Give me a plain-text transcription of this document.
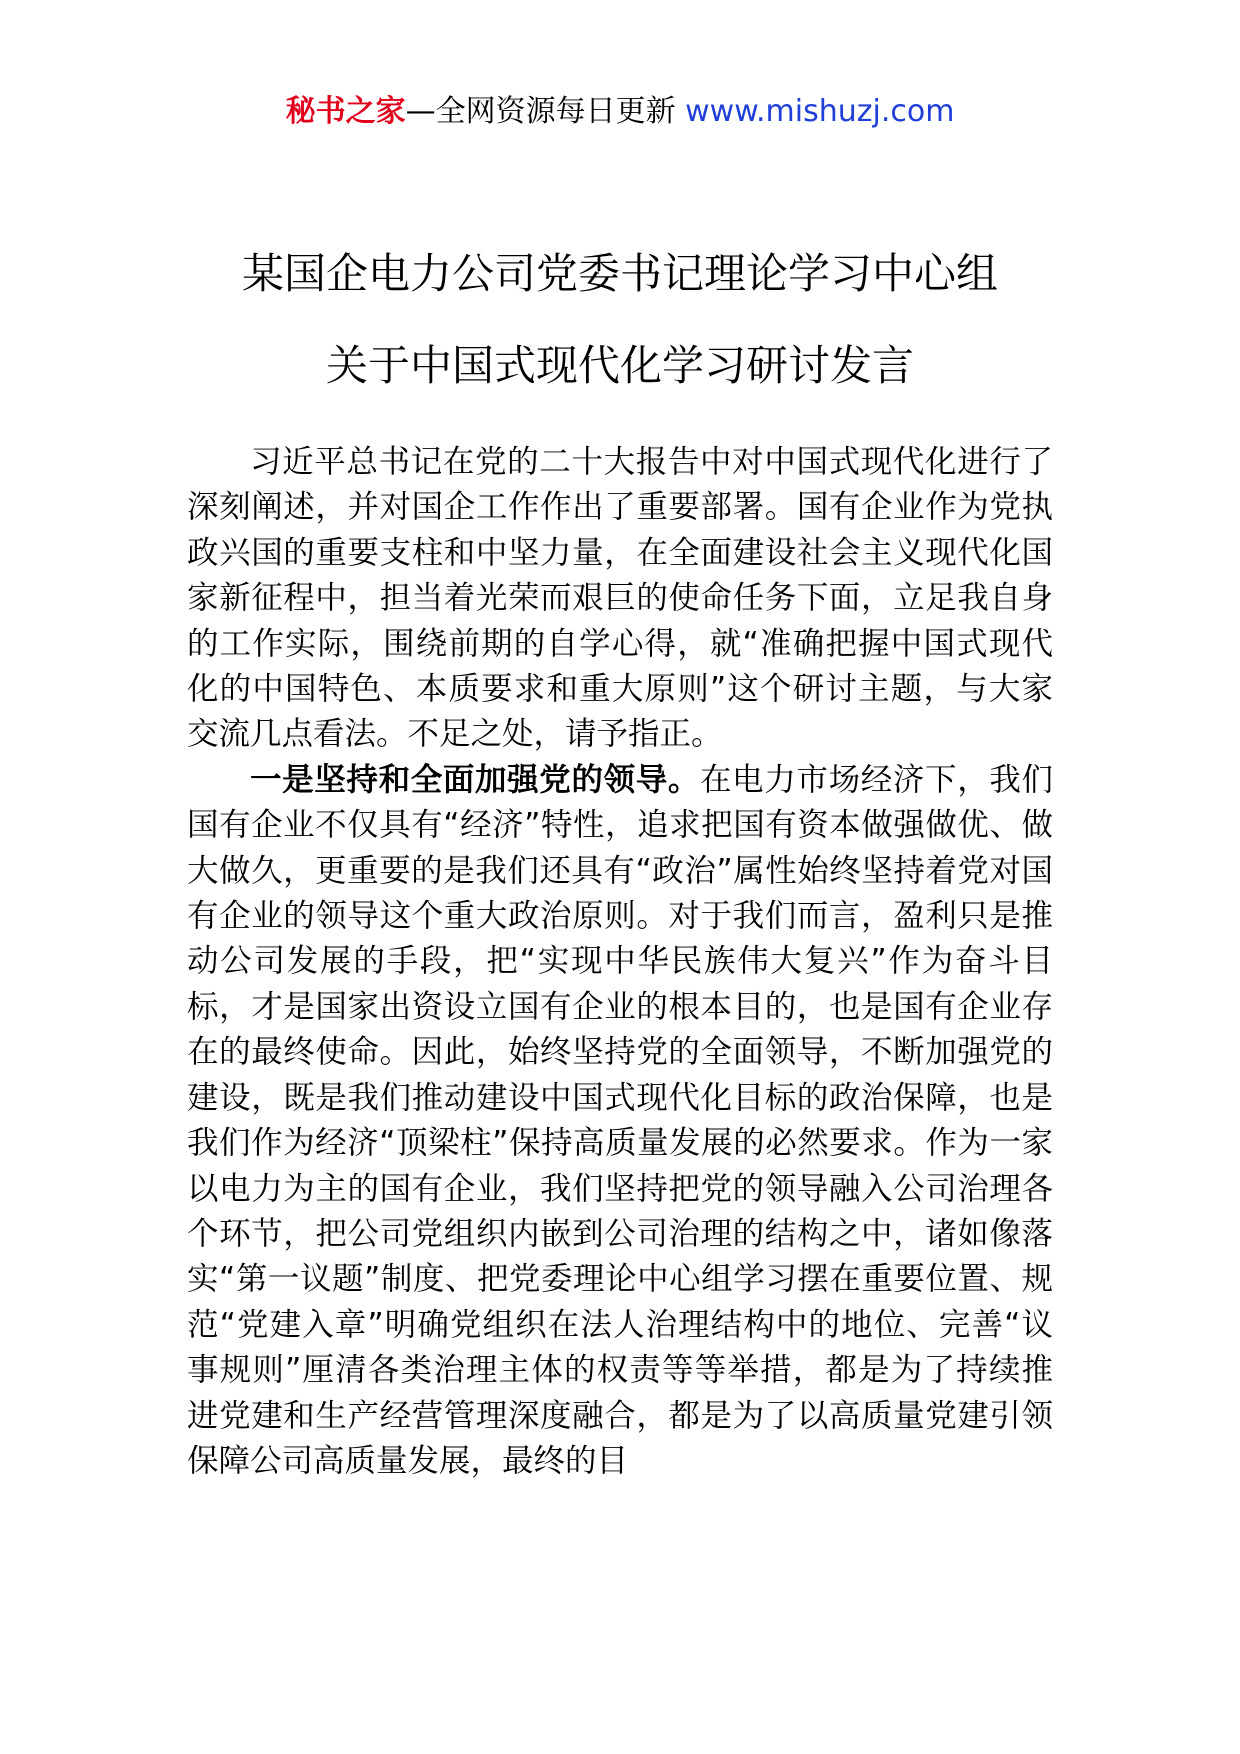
秘书之家—全网资源每日更新 www.mishuzj.com
某国企电力公司党委书记理论学习中心组
关于中国式现代化学习研讨发言

习近平总书记在党的二十大报告中对中国式现代化进行了深刻阐述，并对国企工作作出了重要部署。国有企业作为党执政兴国的重要支柱和中坚力量，在全面建设社会主义现代化国家新征程中，担当着光荣而艰巨的使命任务下面，立足我自身的工作实际，围绕前期的自学心得，就“准确把握中国式现代化的中国特色、本质要求和重大原则”这个研讨主题，与大家交流几点看法。不足之处，请予指正。

一是坚持和全面加强党的领导。在电力市场经济下，我们国有企业不仅具有“经济”特性，追求把国有资本做强做优、做大做久，更重要的是我们还具有“政治”属性始终坚持着党对国有企业的领导这个重大政治原则。对于我们而言，盈利只是推动公司发展的手段，把“实现中华民族伟大复兴”作为奋斗目标，才是国家出资设立国有企业的根本目的，也是国有企业存在的最终使命。因此，始终坚持党的全面领导，不断加强党的建设，既是我们推动建设中国式现代化目标的政治保障，也是我们作为经济“顶梁柱”保持高质量发展的必然要求。作为一家以电力为主的国有企业，我们坚持把党的领导融入公司治理各个环节，把公司党组织内嵌到公司治理的结构之中，诸如像落实“第一议题”制度、把党委理论中心组学习摆在重要位置、规范“党建入章”明确党组织在法人治理结构中的地位、完善“议事规则”厘清各类治理主体的权责等等举措，都是为了持续推进党建和生产经营管理深度融合，都是为了以高质量党建引领保障公司高质量发展，最终的目
